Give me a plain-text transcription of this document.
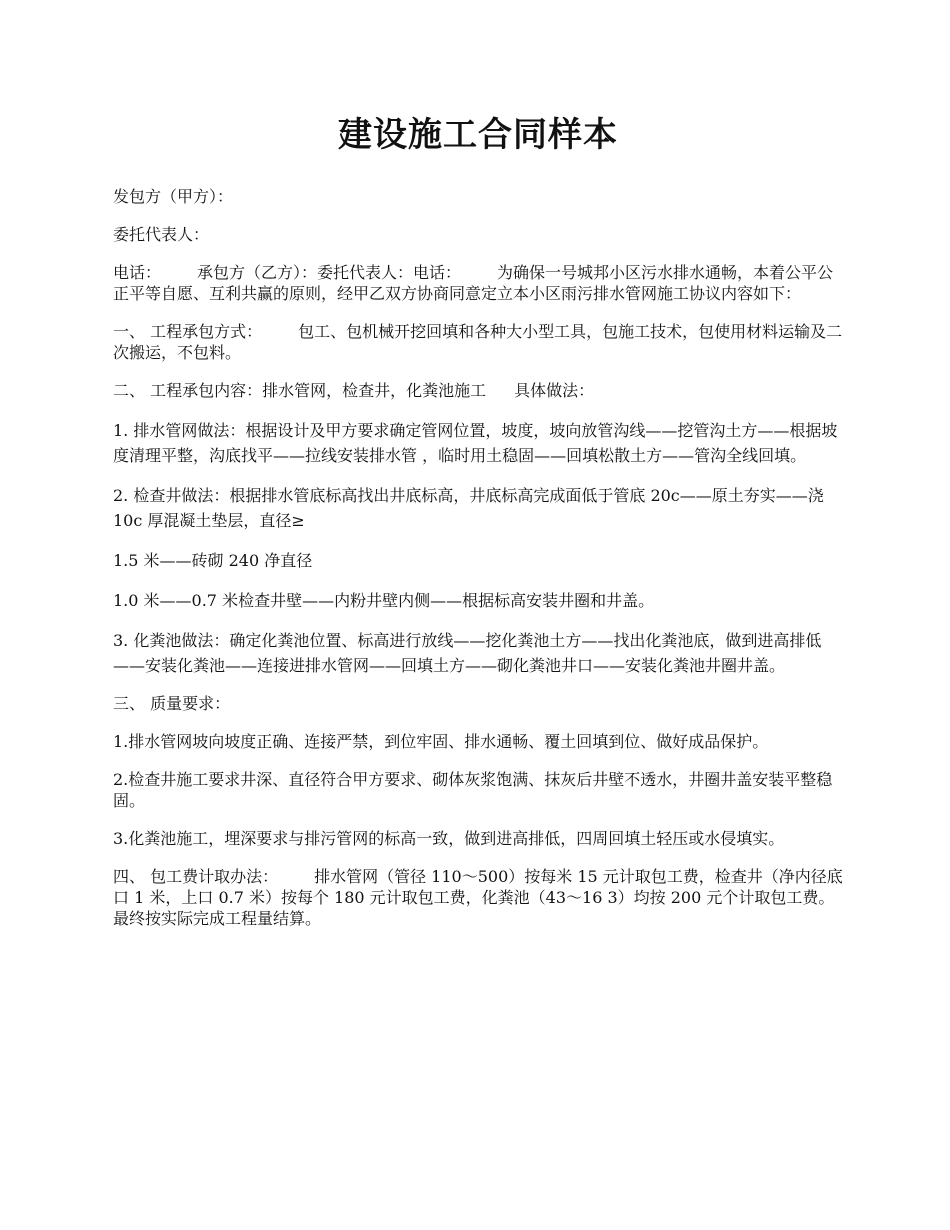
建设施工合同样本

发包方（甲方）：

委托代表人：

电话： 承包方（乙方）：委托代表人：电话： 为确保一号城邦小区污水排水通畅，本着公平公正平等自愿、互利共赢的原则，经甲乙双方协商同意定立本小区雨污排水管网施工协议内容如下：

一、 工程承包方式： 包工、包机械开挖回填和各种大小型工具，包施工技术，包使用材料运输及二次搬运，不包料。

二、 工程承包内容：排水管网，检查井，化粪池施工 具体做法：

1. 排水管网做法：根据设计及甲方要求确定管网位置，坡度，坡向放管沟线——挖管沟土方——根据坡度清理平整，沟底找平——拉线安装排水管 ，临时用土稳固——回填松散土方——管沟全线回填。

2. 检查井做法：根据排水管底标高找出井底标高，井底标高完成面低于管底 20c——原土夯实——浇 10c 厚混凝土垫层，直径≥

1.5 米——砖砌 240 净直径

1.0 米——0.7 米检查井壁——内粉井壁内侧——根据标高安装井圈和井盖。

3. 化粪池做法：确定化粪池位置、标高进行放线——挖化粪池土方——找出化粪池底，做到进高排低——安装化粪池——连接进排水管网——回填土方——砌化粪池井口——安装化粪池井圈井盖。

三、 质量要求：

1.排水管网坡向坡度正确、连接严禁，到位牢固、排水通畅、覆土回填到位、做好成品保护。

2.检查井施工要求井深、直径符合甲方要求、砌体灰浆饱满、抹灰后井壁不透水，井圈井盖安装平整稳固。

3.化粪池施工，埋深要求与排污管网的标高一致，做到进高排低，四周回填土轻压或水侵填实。

四、 包工费计取办法： 排水管网（管径 110～500）按每米 15 元计取包工费，检查井（净内径底口 1 米，上口 0.7 米）按每个 180 元计取包工费，化粪池（43～16 3）均按 200 元个计取包工费。最终按实际完成工程量结算。
